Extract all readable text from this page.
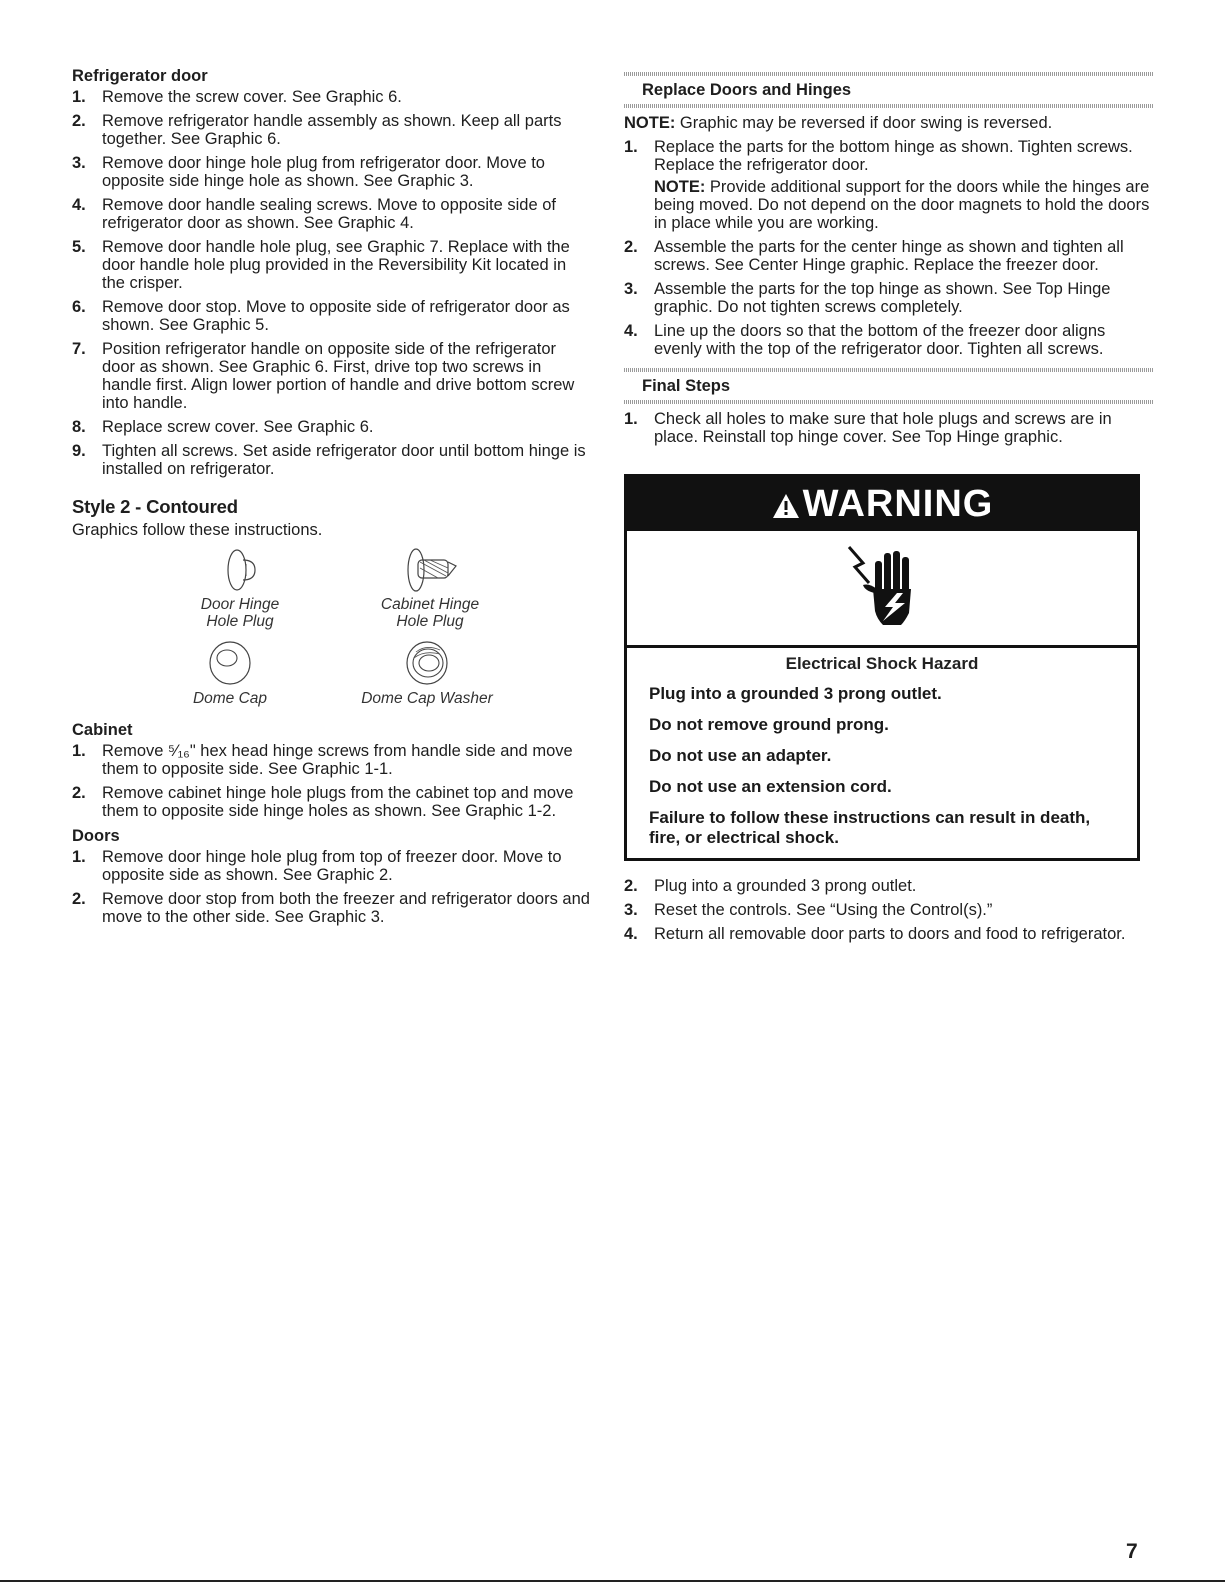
Refrigerator door
1. Remove the screw cover. See Graphic 6.
2. Remove refrigerator handle assembly as shown. Keep all parts together. See Graphic 6.
3. Remove door hinge hole plug from refrigerator door. Move to opposite side hinge hole as shown. See Graphic 3.
4. Remove door handle sealing screws. Move to opposite side of refrigerator door as shown. See Graphic 4.
5. Remove door handle hole plug, see Graphic 7. Replace with the door handle hole plug provided in the Reversibility Kit located in the crisper.
6. Remove door stop. Move to opposite side of refrigerator door as shown. See Graphic 5.
7. Position refrigerator handle on opposite side of the refrigerator door as shown. See Graphic 6. First, drive top two screws in handle first. Align lower portion of handle and drive bottom screw into handle.
8. Replace screw cover. See Graphic 6.
9. Tighten all screws. Set aside refrigerator door until bottom hinge is installed on refrigerator.
Style 2 - Contoured
Graphics follow these instructions.
Door Hinge
Hole Plug
Cabinet Hinge
Hole Plug
Dome Cap	Dome Cap Washer
Cabinet
1. Remove ⁵⁄₁₆" hex head hinge screws from handle side and move them to opposite side. See Graphic 1-1.
2. Remove cabinet hinge hole plugs from the cabinet top and move them to opposite side hinge holes as shown. See Graphic 1-2.
Doors
1. Remove door hinge hole plug from top of freezer door. Move to opposite side as shown. See Graphic 2.
2. Remove door stop from both the freezer and refrigerator doors and move to the other side. See Graphic 3.
Replace Doors and Hinges

NOTE: Graphic may be reversed if door swing is reversed.

1. Replace the parts for the bottom hinge as shown. Tighten screws. Replace the refrigerator door.
NOTE: Provide additional support for the doors while the hinges are being moved. Do not depend on the door magnets to hold the doors in place while you are working.
2. Assemble the parts for the center hinge as shown and tighten all screws. See Center Hinge graphic. Replace the freezer door.
3. Assemble the parts for the top hinge as shown. See Top Hinge graphic. Do not tighten screws completely.
4. Line up the doors so that the bottom of the freezer door aligns evenly with the top of the refrigerator door. Tighten all screws.
Final Steps
1. Check all holes to make sure that hole plugs and screws are in place. Reinstall top hinge cover. See Top Hinge graphic.
WARNING
Electrical Shock Hazard
Plug into a grounded 3 prong outlet.
Do not remove ground prong.
Do not use an adapter.
Do not use an extension cord.
Failure to follow these instructions can result in death, fire, or electrical shock.
2. Plug into a grounded 3 prong outlet.
3. Reset the controls. See “Using the Control(s).”
4. Return all removable door parts to doors and food to refrigerator.
7
